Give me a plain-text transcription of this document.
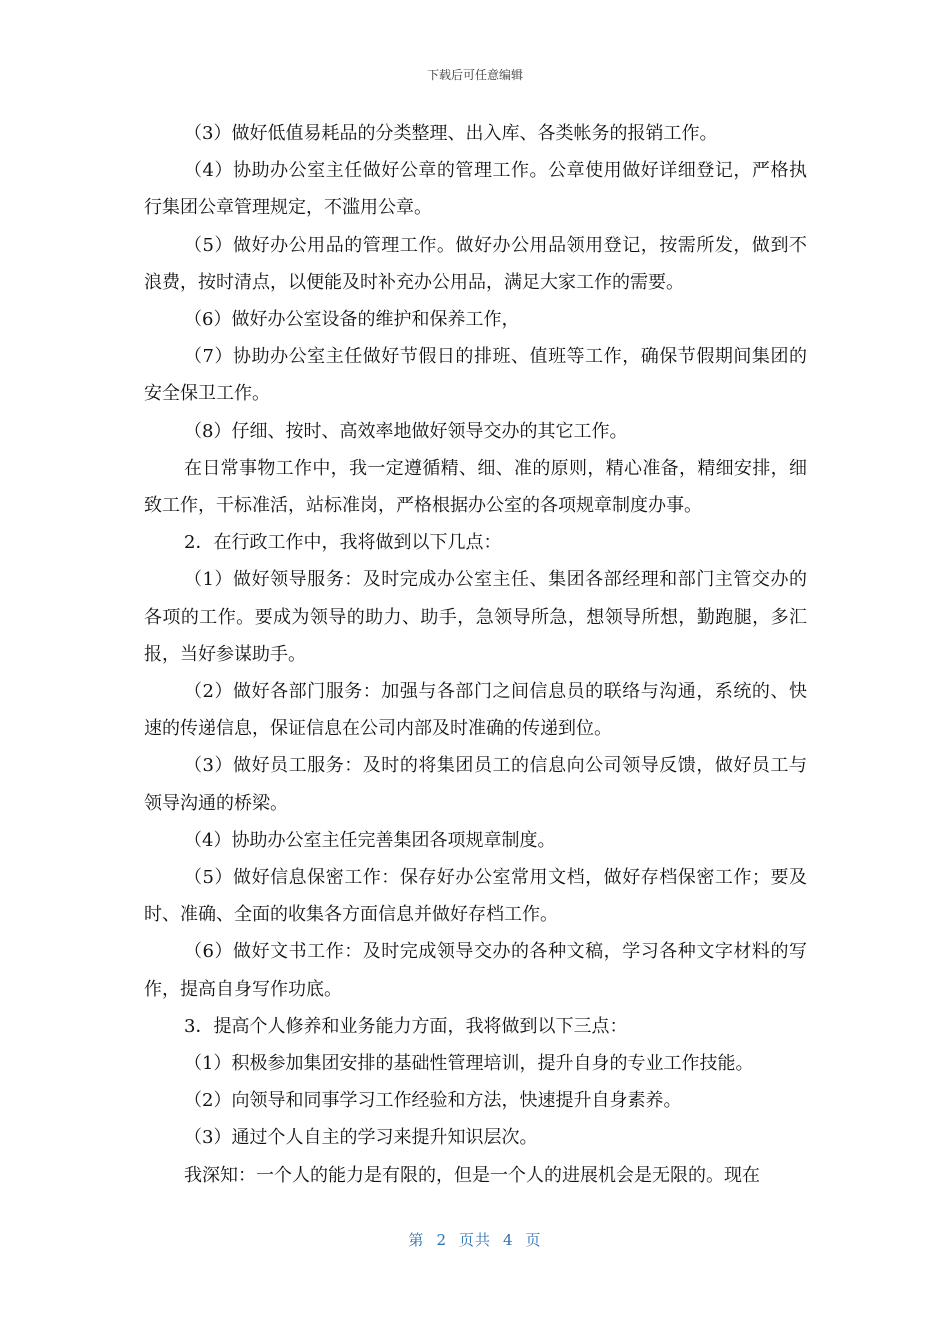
下载后可任意编辑

（3）做好低值易耗品的分类整理、出入库、各类帐务的报销工作。

（4）协助办公室主任做好公章的管理工作。公章使用做好详细登记，严格执行集团公章管理规定，不滥用公章。

（5）做好办公用品的管理工作。做好办公用品领用登记，按需所发，做到不浪费，按时清点，以便能及时补充办公用品，满足大家工作的需要。

（6）做好办公室设备的维护和保养工作，

（7）协助办公室主任做好节假日的排班、值班等工作，确保节假期间集团的安全保卫工作。

（8）仔细、按时、高效率地做好领导交办的其它工作。

在日常事物工作中，我一定遵循精、细、准的原则，精心准备，精细安排，细致工作，干标准活，站标准岗，严格根据办公室的各项规章制度办事。

2．在行政工作中，我将做到以下几点：

（1）做好领导服务：及时完成办公室主任、集团各部经理和部门主管交办的各项的工作。要成为领导的助力、助手，急领导所急，想领导所想，勤跑腿，多汇报，当好参谋助手。

（2）做好各部门服务：加强与各部门之间信息员的联络与沟通，系统的、快速的传递信息，保证信息在公司内部及时准确的传递到位。

（3）做好员工服务：及时的将集团员工的信息向公司领导反馈，做好员工与领导沟通的桥梁。

（4）协助办公室主任完善集团各项规章制度。

（5）做好信息保密工作：保存好办公室常用文档，做好存档保密工作；要及时、准确、全面的收集各方面信息并做好存档工作。

（6）做好文书工作：及时完成领导交办的各种文稿，学习各种文字材料的写作，提高自身写作功底。

3．提高个人修养和业务能力方面，我将做到以下三点：

（1）积极参加集团安排的基础性管理培训，提升自身的专业工作技能。

（2）向领导和同事学习工作经验和方法，快速提升自身素养。

（3）通过个人自主的学习来提升知识层次。

我深知：一个人的能力是有限的，但是一个人的进展机会是无限的。现在

第 2 页共 4 页
